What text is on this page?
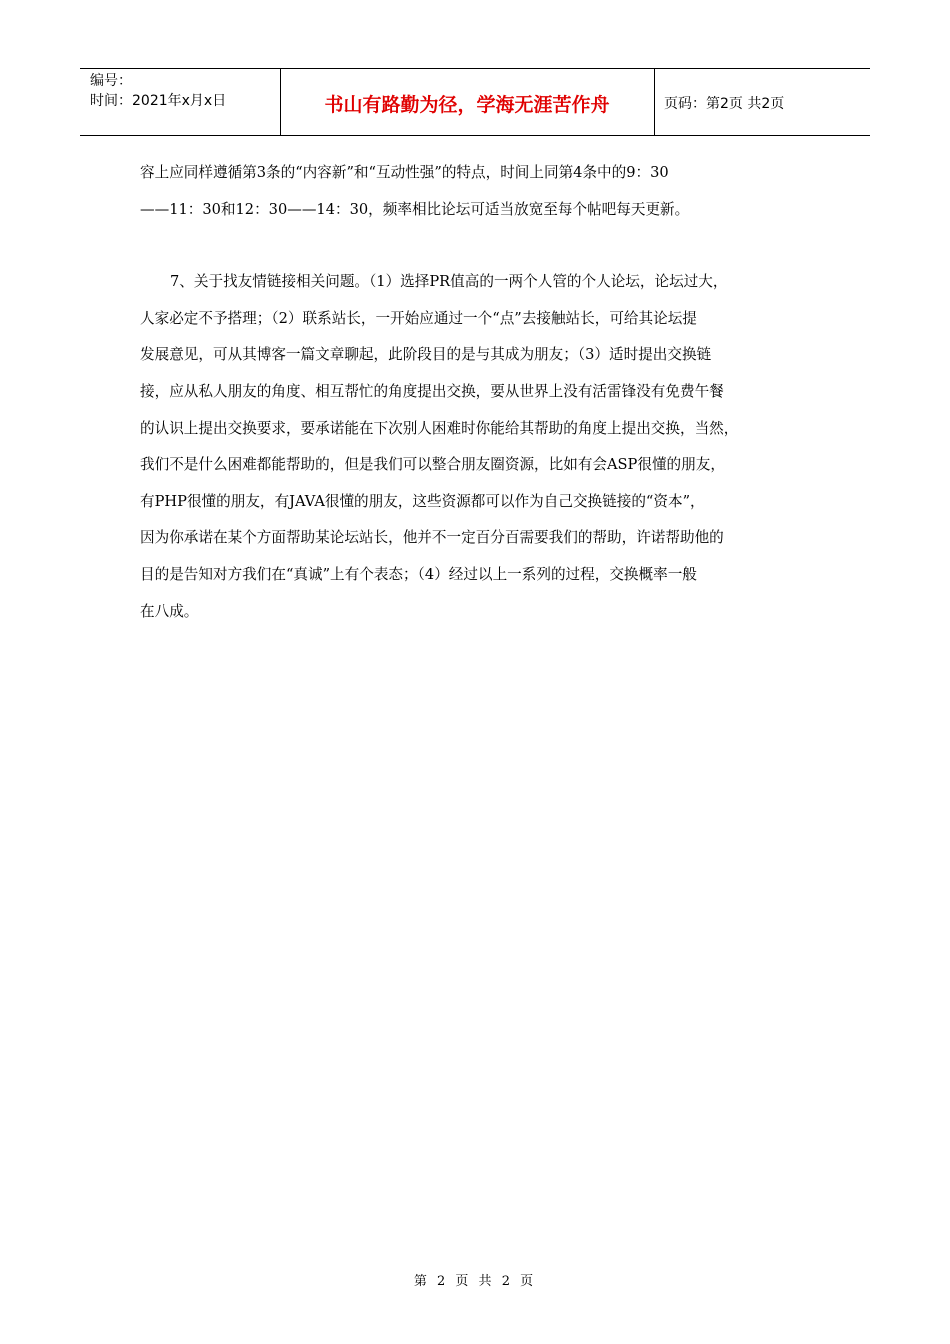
编号：
时间：2021年x月x日	书山有路勤为径，学海无涯苦作舟	页码：第2页 共2页

容上应同样遵循第3条的“内容新”和“互动性强”的特点，时间上同第4条中的9：30

——11：30和12：30——14：30，频率相比论坛可适当放宽至每个帖吧每天更新。

7、关于找友情链接相关问题。（1）选择PR值高的一两个人管的个人论坛，论坛过大，

人家必定不予搭理；（2）联系站长，一开始应通过一个“点”去接触站长，可给其论坛提

发展意见，可从其博客一篇文章聊起，此阶段目的是与其成为朋友；（3）适时提出交换链

接，应从私人朋友的角度、相互帮忙的角度提出交换，要从世界上没有活雷锋没有免费午餐

的认识上提出交换要求，要承诺能在下次别人困难时你能给其帮助的角度上提出交换，当然，

我们不是什么困难都能帮助的，但是我们可以整合朋友圈资源，比如有会ASP很懂的朋友，

有PHP很懂的朋友，有JAVA很懂的朋友，这些资源都可以作为自己交换链接的“资本”，

因为你承诺在某个方面帮助某论坛站长，他并不一定百分百需要我们的帮助，许诺帮助他的

目的是告知对方我们在“真诚”上有个表态；（4）经过以上一系列的过程，交换概率一般

在八成。

第 2 页 共 2 页
